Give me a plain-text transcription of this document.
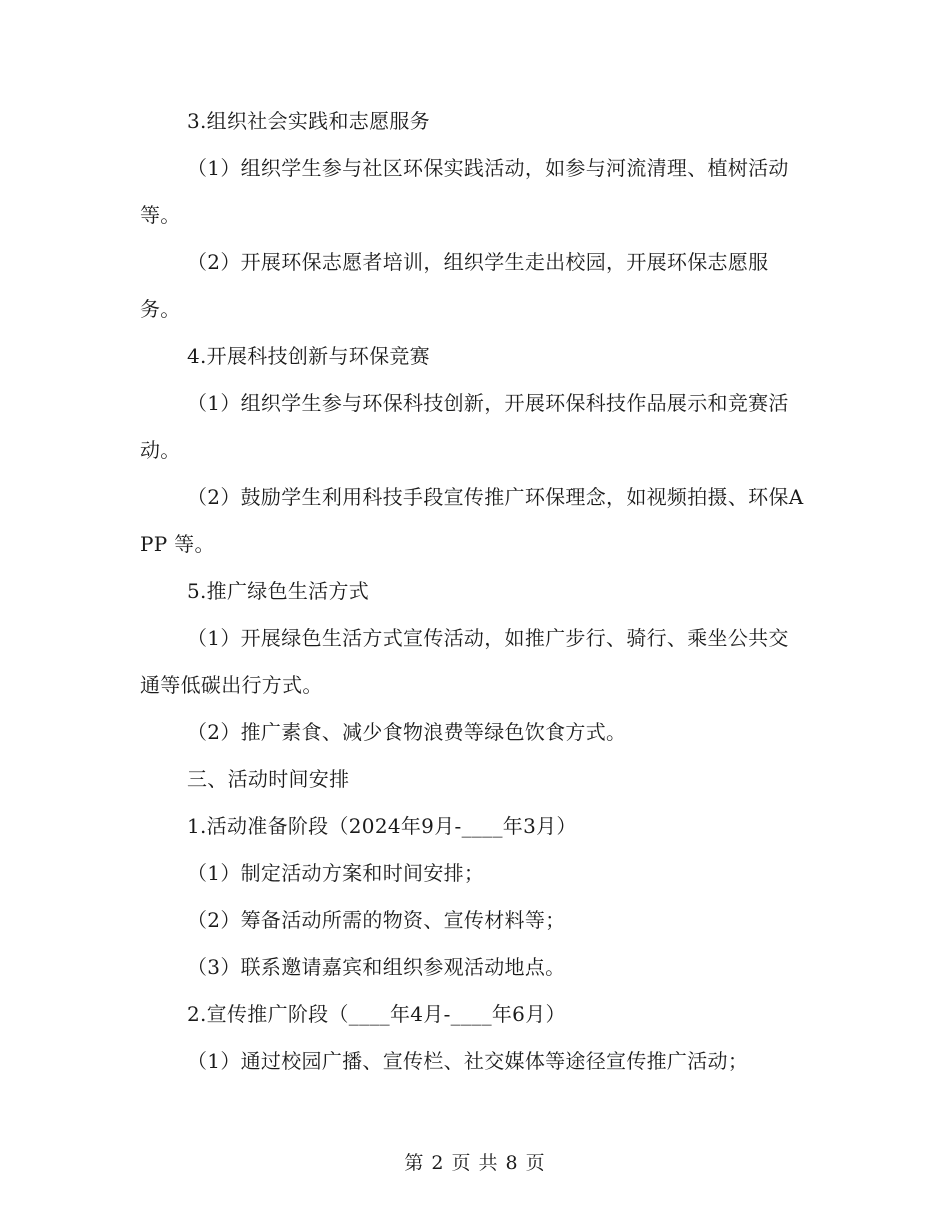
3.组织社会实践和志愿服务

（1）组织学生参与社区环保实践活动，如参与河流清理、植树活动等。

（2）开展环保志愿者培训，组织学生走出校园，开展环保志愿服务。

4.开展科技创新与环保竞赛

（1）组织学生参与环保科技创新，开展环保科技作品展示和竞赛活动。

（2）鼓励学生利用科技手段宣传推广环保理念，如视频拍摄、环保APP 等。

5.推广绿色生活方式

（1）开展绿色生活方式宣传活动，如推广步行、骑行、乘坐公共交通等低碳出行方式。

（2）推广素食、减少食物浪费等绿色饮食方式。

三、活动时间安排

1.活动准备阶段（2024年9月-____年3月）

（1）制定活动方案和时间安排；

（2）筹备活动所需的物资、宣传材料等；

（3）联系邀请嘉宾和组织参观活动地点。

2.宣传推广阶段（____年4月-____年6月）

（1）通过校园广播、宣传栏、社交媒体等途径宣传推广活动；

第 2 页 共 8 页
